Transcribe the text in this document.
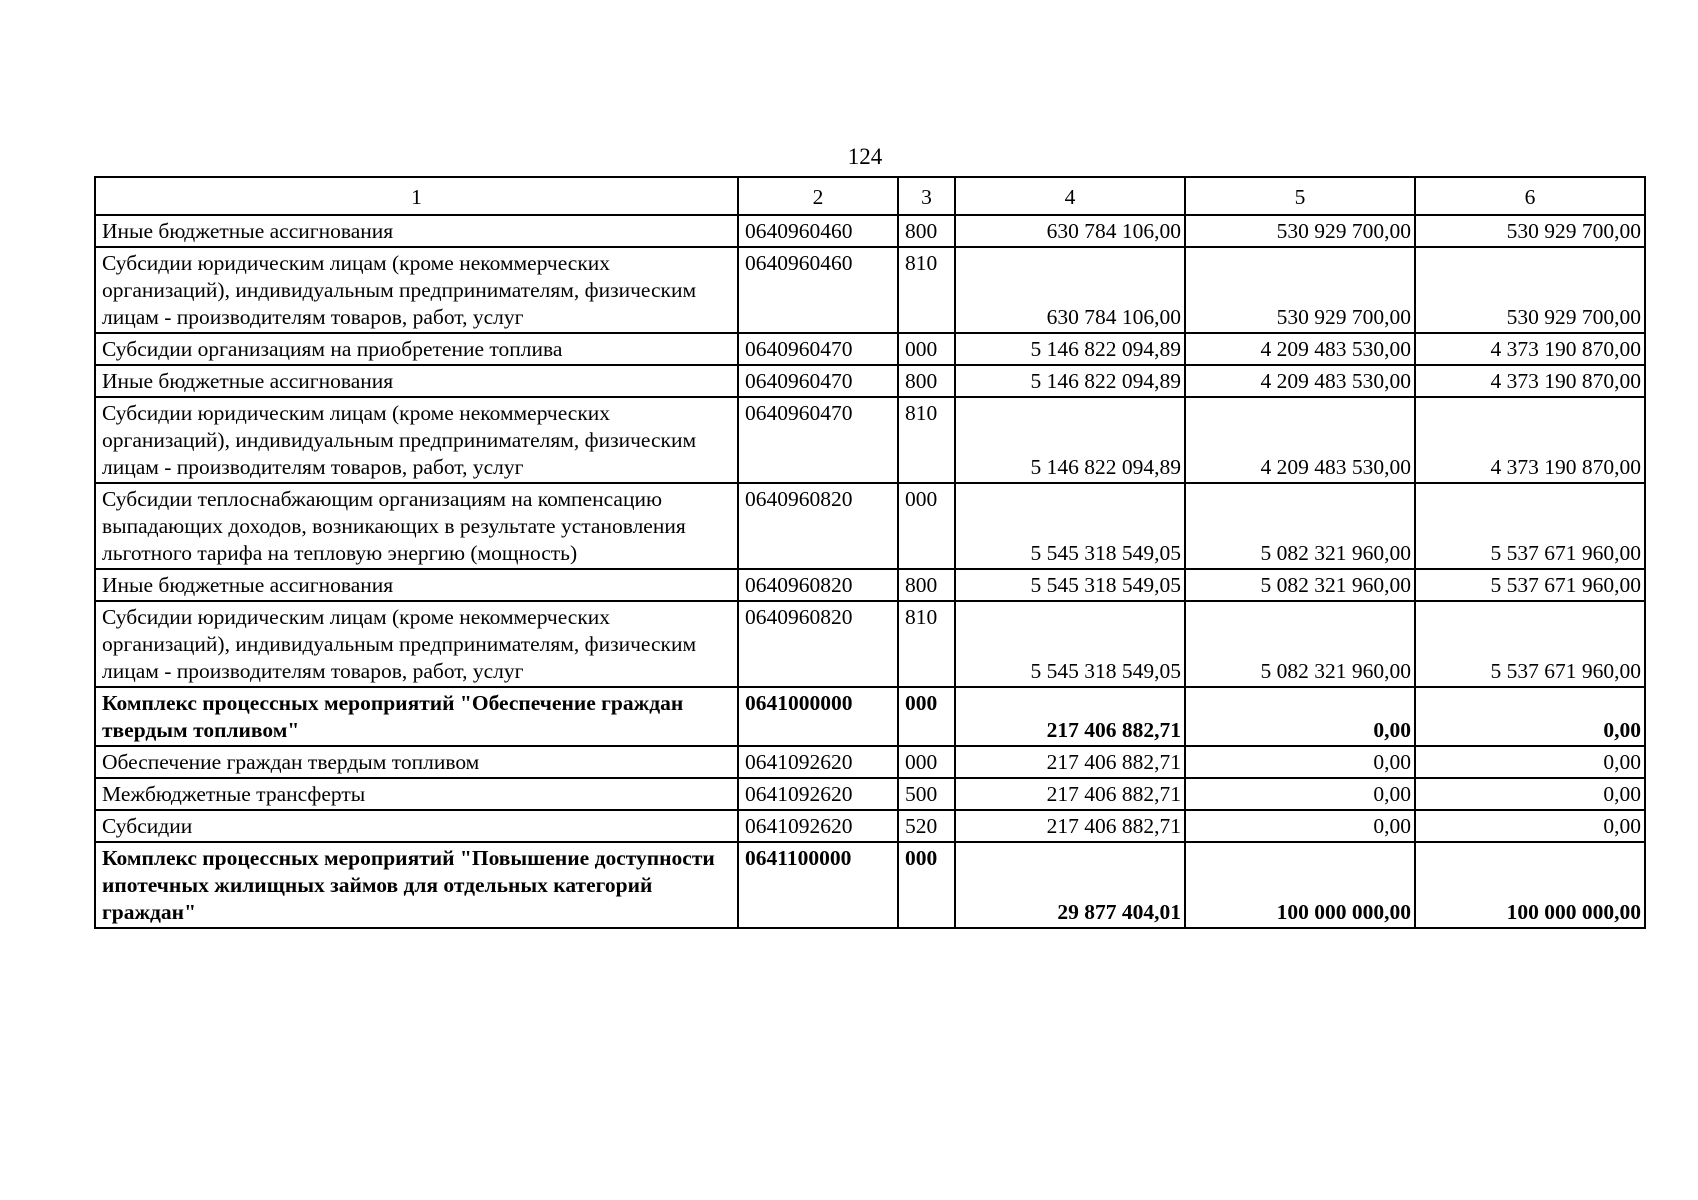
124
1	2	3	4	5	6
Иные бюджетные ассигнования	0640960460	800	630 784 106,00	530 929 700,00	530 929 700,00
Субсидии юридическим лицам (кроме некоммерческих организаций), индивидуальным предпринимателям, физическим лицам - производителям товаров, работ, услуг	0640960460	810	630 784 106,00	530 929 700,00	530 929 700,00
Субсидии организациям на приобретение топлива	0640960470	000	5 146 822 094,89	4 209 483 530,00	4 373 190 870,00
Иные бюджетные ассигнования	0640960470	800	5 146 822 094,89	4 209 483 530,00	4 373 190 870,00
Субсидии юридическим лицам (кроме некоммерческих организаций), индивидуальным предпринимателям, физическим лицам - производителям товаров, работ, услуг	0640960470	810	5 146 822 094,89	4 209 483 530,00	4 373 190 870,00
Субсидии теплоснабжающим организациям на компенсацию выпадающих доходов, возникающих в результате установления льготного тарифа на тепловую энергию (мощность)	0640960820	000	5 545 318 549,05	5 082 321 960,00	5 537 671 960,00
Иные бюджетные ассигнования	0640960820	800	5 545 318 549,05	5 082 321 960,00	5 537 671 960,00
Субсидии юридическим лицам (кроме некоммерческих организаций), индивидуальным предпринимателям, физическим лицам - производителям товаров, работ, услуг	0640960820	810	5 545 318 549,05	5 082 321 960,00	5 537 671 960,00
Комплекс процессных мероприятий "Обеспечение граждан твердым топливом"	0641000000	000	217 406 882,71	0,00	0,00
Обеспечение граждан твердым топливом	0641092620	000	217 406 882,71	0,00	0,00
Межбюджетные трансферты	0641092620	500	217 406 882,71	0,00	0,00
Субсидии	0641092620	520	217 406 882,71	0,00	0,00
Комплекс процессных мероприятий "Повышение доступности ипотечных жилищных займов для отдельных категорий граждан"	0641100000	000	29 877 404,01	100 000 000,00	100 000 000,00
